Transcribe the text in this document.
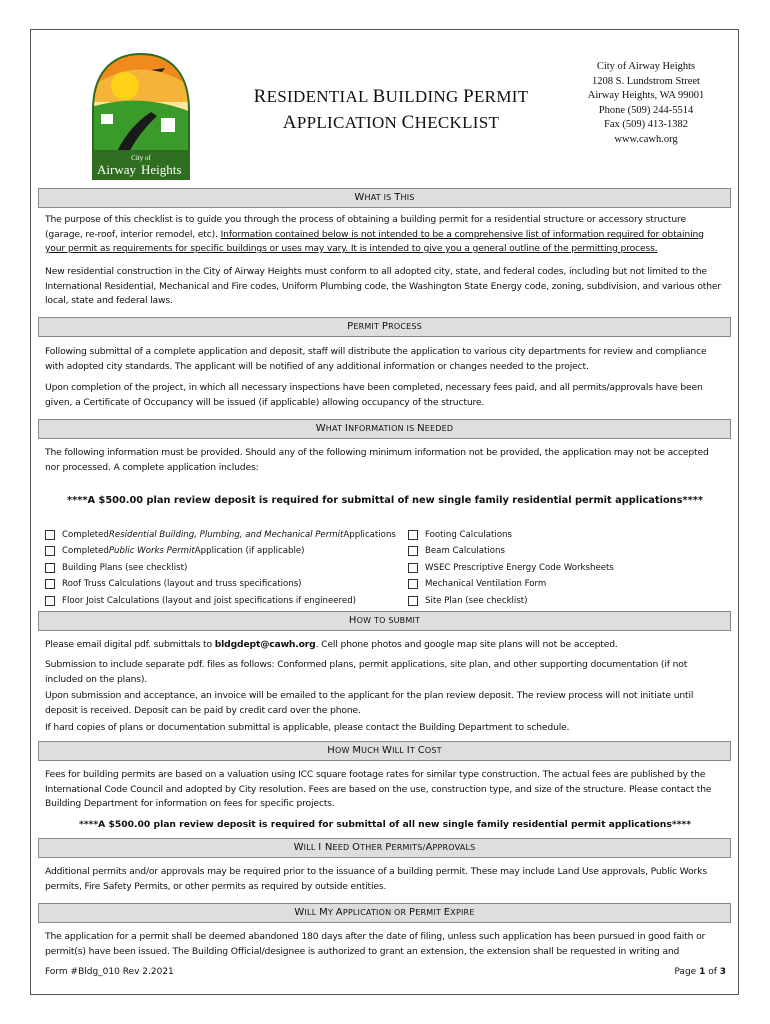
City of
Airway Heights
RESIDENTIAL BUILDING PERMIT
APPLICATION CHECKLIST
City of Airway Heights
1208 S. Lundstrom Street
Airway Heights, WA 99001
Phone (509) 244-5514
Fax (509) 413-1382
www.cawh.org
WHAT IS THIS
The purpose of this checklist is to guide you through the process of obtaining a building permit for a residential structure or accessory structure (garage, re-roof, interior remodel, etc). Information contained below is not intended to be a comprehensive list of information required for obtaining your permit as requirements for specific buildings or uses may vary. It is intended to give you a general outline of the permitting process.
New residential construction in the City of Airway Heights must conform to all adopted city, state, and federal codes, including but not limited to the International Residential, Mechanical and Fire codes, Uniform Plumbing code, the Washington State Energy code, zoning, subdivision, and various other local, state and federal laws.
PERMIT PROCESS
Following submittal of a complete application and deposit, staff will distribute the application to various city departments for review and compliance with adopted city standards. The applicant will be notified of any additional information or changes needed to the project.
Upon completion of the project, in which all necessary inspections have been completed, necessary fees paid, and all permits/approvals have been given, a Certificate of Occupancy will be issued (if applicable) allowing occupancy of the structure.
WHAT INFORMATION IS NEEDED
The following information must be provided. Should any of the following minimum information not be provided, the application may not be accepted nor processed. A complete application includes:
****A $500.00 plan review deposit is required for submittal of new single family residential permit applications****
Completed Residential Building, Plumbing, and Mechanical Permit Applications
Completed Public Works Permit Application (if applicable)
Building Plans (see checklist)
Roof Truss Calculations (layout and truss specifications)
Floor Joist Calculations (layout and joist specifications if engineered)
Footing Calculations
Beam Calculations
WSEC Prescriptive Energy Code Worksheets
Mechanical Ventilation Form
Site Plan (see checklist)
HOW TO SUBMIT
Please email digital pdf. submittals to bldgdept@cawh.org. Cell phone photos and google map site plans will not be accepted.
Submission to include separate pdf. files as follows: Conformed plans, permit applications, site plan, and other supporting documentation (if not included on the plans).
Upon submission and acceptance, an invoice will be emailed to the applicant for the plan review deposit. The review process will not initiate until deposit is received. Deposit can be paid by credit card over the phone.
If hard copies of plans or documentation submittal is applicable, please contact the Building Department to schedule.
HOW MUCH WILL IT COST
Fees for building permits are based on a valuation using ICC square footage rates for similar type construction. The actual fees are published by the International Code Council and adopted by City resolution. Fees are based on the use, construction type, and size of the structure. Please contact the Building Department for information on fees for specific projects.
****A $500.00 plan review deposit is required for submittal of all new single family residential permit applications****
WILL I NEED OTHER PERMITS/APPROVALS
Additional permits and/or approvals may be required prior to the issuance of a building permit. These may include Land Use approvals, Public Works permits, Fire Safety Permits, or other permits as required by outside entities.
WILL MY APPLICATION OR PERMIT EXPIRE
The application for a permit shall be deemed abandoned 180 days after the date of filing, unless such application has been pursued in good faith or permit(s) have been issued. The Building Official/designee is authorized to grant an extension, the extension shall be requested in writing and
Form #Bldg_010 Rev 2.2021	Page 1 of 3
